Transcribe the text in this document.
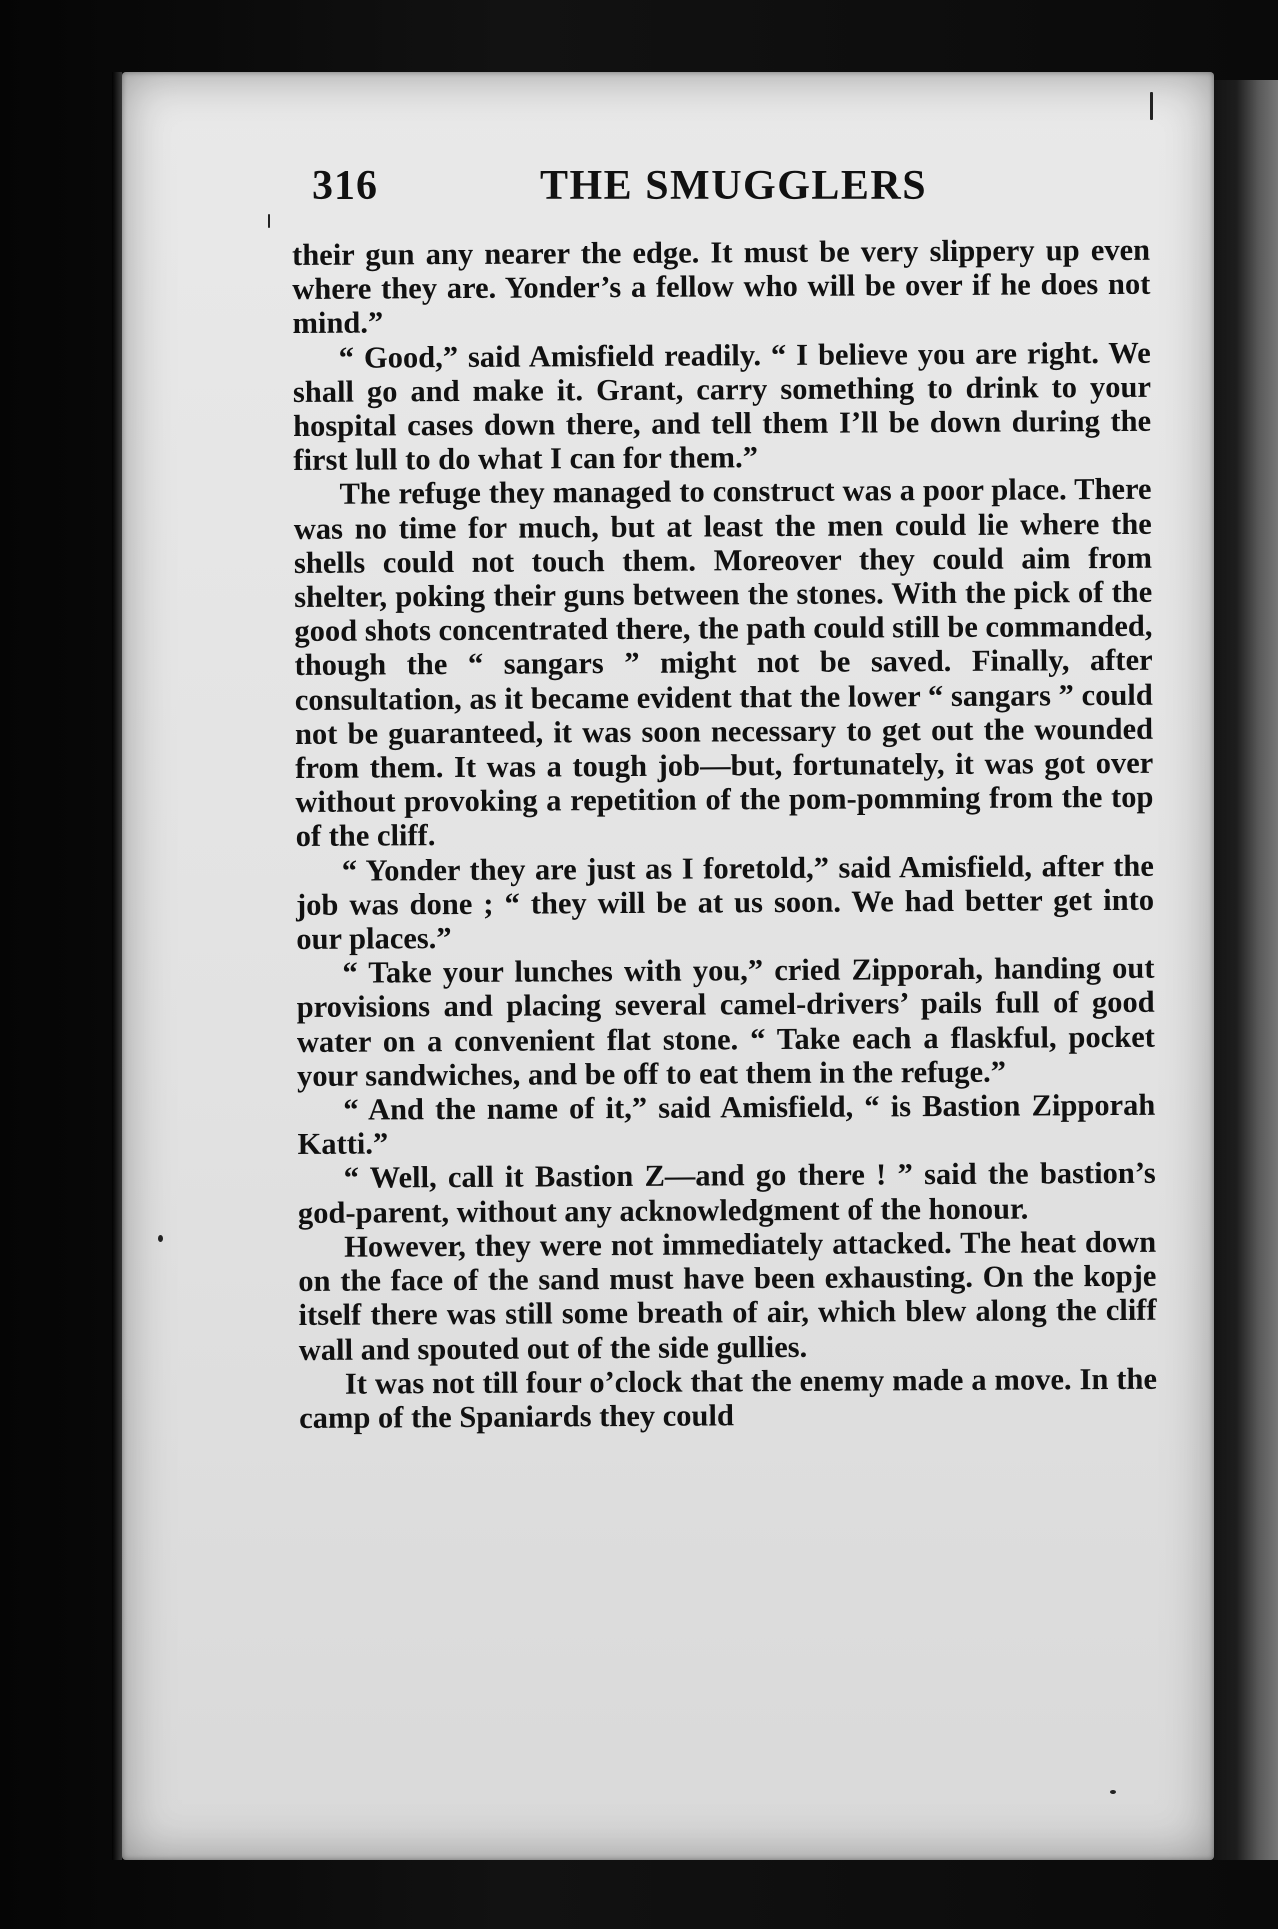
316	THE SMUGGLERS

their gun any nearer the edge. It must be very slippery up even where they are. Yonder’s a fellow who will be over if he does not mind.”

“ Good,” said Amisfield readily. “ I believe you are right. We shall go and make it. Grant, carry something to drink to your hospital cases down there, and tell them I’ll be down during the first lull to do what I can for them.”

The refuge they managed to construct was a poor place. There was no time for much, but at least the men could lie where the shells could not touch them. Moreover they could aim from shelter, poking their guns between the stones. With the pick of the good shots concentrated there, the path could still be commanded, though the “ sangars ” might not be saved. Finally, after consultation, as it became evident that the lower “ sangars ” could not be guaranteed, it was soon necessary to get out the wounded from them. It was a tough job—but, fortunately, it was got over without provoking a repetition of the pom-pomming from the top of the cliff.

“ Yonder they are just as I foretold,” said Amisfield, after the job was done ; “ they will be at us soon. We had better get into our places.”

“ Take your lunches with you,” cried Zipporah, handing out provisions and placing several camel-drivers’ pails full of good water on a convenient flat stone. “ Take each a flaskful, pocket your sandwiches, and be off to eat them in the refuge.”

“ And the name of it,” said Amisfield, “ is Bastion Zipporah Katti.”

“ Well, call it Bastion Z—and go there ! ” said the bastion’s god-parent, without any acknowledgment of the honour.

However, they were not immediately attacked. The heat down on the face of the sand must have been exhausting. On the kopje itself there was still some breath of air, which blew along the cliff wall and spouted out of the side gullies.

It was not till four o’clock that the enemy made a move. In the camp of the Spaniards they could
